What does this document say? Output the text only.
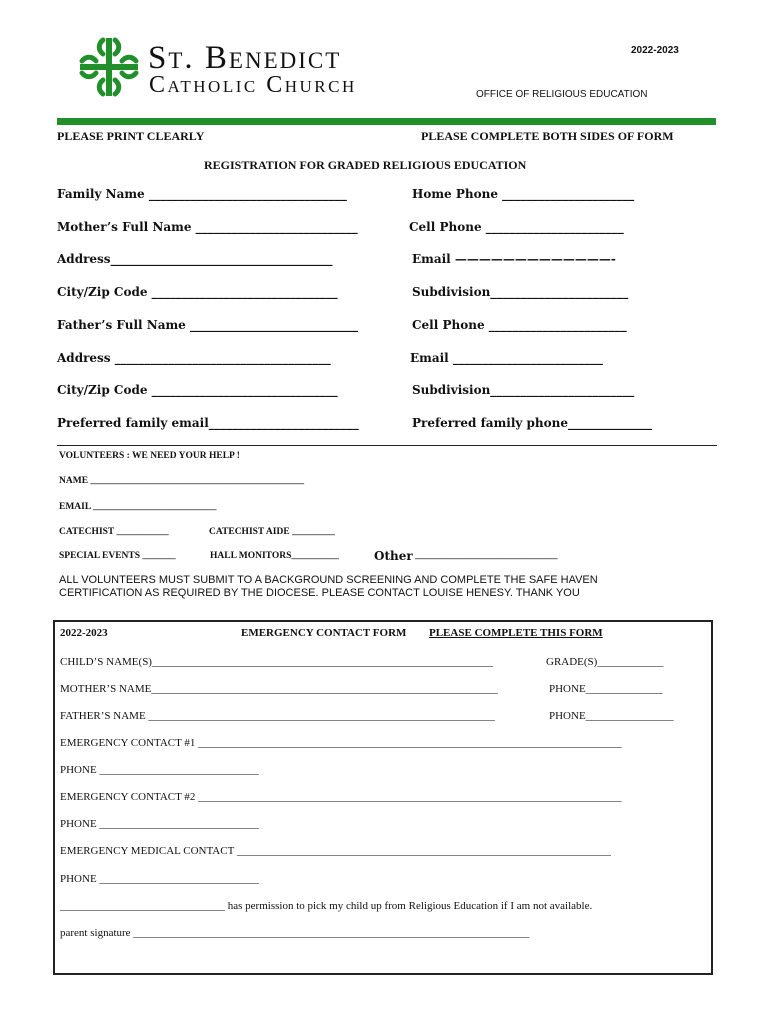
St. Benedict
Catholic Church
2022-2023
OFFICE OF RELIGIOUS EDUCATION
PLEASE PRINT CLEARLY	PLEASE COMPLETE BOTH SIDES OF FORM
REGISTRATION FOR GRADED RELIGIOUS EDUCATION
Family Name _________________________________	Home Phone ______________________
Mother’s Full Name ___________________________	Cell Phone _______________________
Address_____________________________________	Email —————————————-
City/Zip Code _______________________________	Subdivision_______________________
Father’s Full Name ____________________________	Cell Phone _______________________
Address ____________________________________	Email _________________________
City/Zip Code _______________________________	Subdivision________________________
Preferred family email_________________________	Preferred family phone______________
VOLUNTEERS : WE NEED YOUR HELP !
NAME _____________________________________________
EMAIL __________________________
CATECHIST ___________	CATECHIST AIDE _________
SPECIAL EVENTS _______	HALL MONITORS__________	Other ______________________________
ALL VOLUNTEERS MUST SUBMIT TO A BACKGROUND SCREENING AND COMPLETE THE SAFE HAVEN
CERTIFICATION AS REQUIRED BY THE DIOCESE. PLEASE CONTACT LOUISE HENESY. THANK YOU
2022-2023	EMERGENCY CONTACT FORM PLEASE COMPLETE THIS FORM
CHILD’S NAME(S)______________________________________________________________	GRADE(S)____________
MOTHER’S NAME_______________________________________________________________	PHONE______________
FATHER’S NAME _______________________________________________________________	PHONE________________
EMERGENCY CONTACT #1 _____________________________________________________________________________
PHONE _____________________________
EMERGENCY CONTACT #2 _____________________________________________________________________________
PHONE _____________________________
EMERGENCY MEDICAL CONTACT ____________________________________________________________________
PHONE _____________________________
______________________________ has permission to pick my child up from Religious Education if I am not available.
parent signature ________________________________________________________________________
